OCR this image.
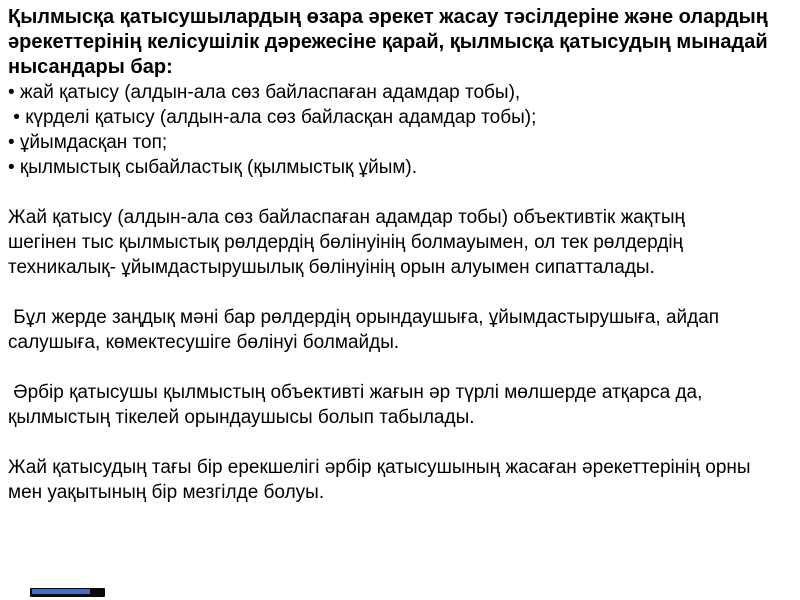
Қылмысқа қатысушылардың өзара әрекет жасау тәсілдеріне және олардың
әрекеттерінің келісушілік дәрежесіне қарай, қылмысқа қатысудың мынадай
нысандары бар:
• жай қатысу (алдын-ала сөз байласпаған адамдар тобы),
• күрделі қатысу (алдын-ала сөз байласқан адамдар тобы);
• ұйымдасқан топ;
• қылмыстық сыбайластық (қылмыстық ұйым).
Жай қатысу (алдын-ала сөз байласпаған адамдар тобы) объективтік жақтың
шегінен тыс қылмыстық рөлдердің бөлінуінің болмауымен, ол тек рөлдердің
техникалық- ұйымдастырушылық бөлінуінің орын алуымен сипатталады.
Бұл жерде заңдық мәні бар рөлдердің орындаушыға, ұйымдастырушыға, айдап
салушыға, көмектесушіге бөлінуі болмайды.
Әрбір қатысушы қылмыстың объективті жағын әр түрлі мөлшерде атқарса да,
қылмыстың тікелей орындаушысы болып табылады.
Жай қатысудың тағы бір ерекшелігі әрбір қатысушының жасаған әрекеттерінің орны
мен уақытының бір мезгілде болуы.
